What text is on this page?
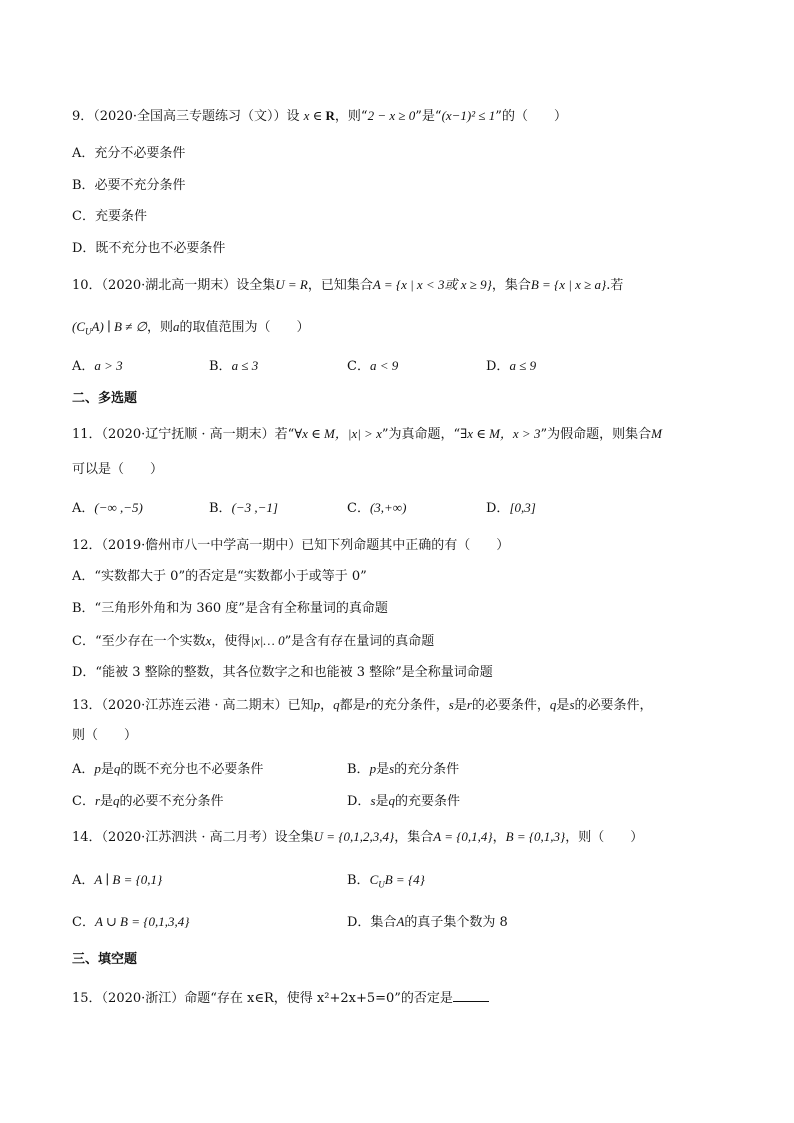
9．（2020·全国高三专题练习（文））设 x ∈ R，则“2 − x ≥ 0”是“(x−1)² ≤ 1”的（　　）
A．充分不必要条件
B．必要不充分条件
C．充要条件
D．既不充分也不必要条件
10．（2020·湖北高一期末）设全集U = R，已知集合A = {x | x < 3或 x ≥ 9}，集合B = {x | x ≥ a}.若
$(C_UA)$ ∣ B ≠ ∅，则a的取值范围为（　　）
A．a > 3	B．a ≤ 3	C．a < 9	D．a ≤ 9
二、多选题
11．（2020·辽宁抚顺 · 高一期末）若“∀x ∈ M，|x| > x”为真命题，“∃x ∈ M，x > 3”为假命题，则集合M
可以是（　　）
A．(−∞ ,−5)	B．(−3 ,−1]	C．(3,+∞)	D．[0,3]
12．（2019·儋州市八一中学高一期中）已知下列命题其中正确的有（　　）
A．“实数都大于 0”的否定是“实数都小于或等于 0”
B．“三角形外角和为 360 度”是含有全称量词的真命题
C．“至少存在一个实数x，使得|x|… 0”是含有存在量词的真命题
D．“能被 3 整除的整数，其各位数字之和也能被 3 整除”是全称量词命题
13．（2020·江苏连云港 · 高二期末）已知p，q都是r的充分条件，s是r的必要条件，q是s的必要条件，
则（　　）
A．p是q的既不充分也不必要条件	B．p是s的充分条件
C．r是q的必要不充分条件	D．s是q的充要条件
14．（2020·江苏泗洪 · 高二月考）设全集U = {0,1,2,3,4}，集合A = {0,1,4}，B = {0,1,3}，则（　　）
A．A ∣ B = {0,1}	B．$C_UB = \{4\}$
C．A ∪ B = {0,1,3,4}	D．集合A的真子集个数为 8
三、填空题
15．（2020·浙江）命题“存在 x∈R，使得 x²+2x+5=0”的否定是
